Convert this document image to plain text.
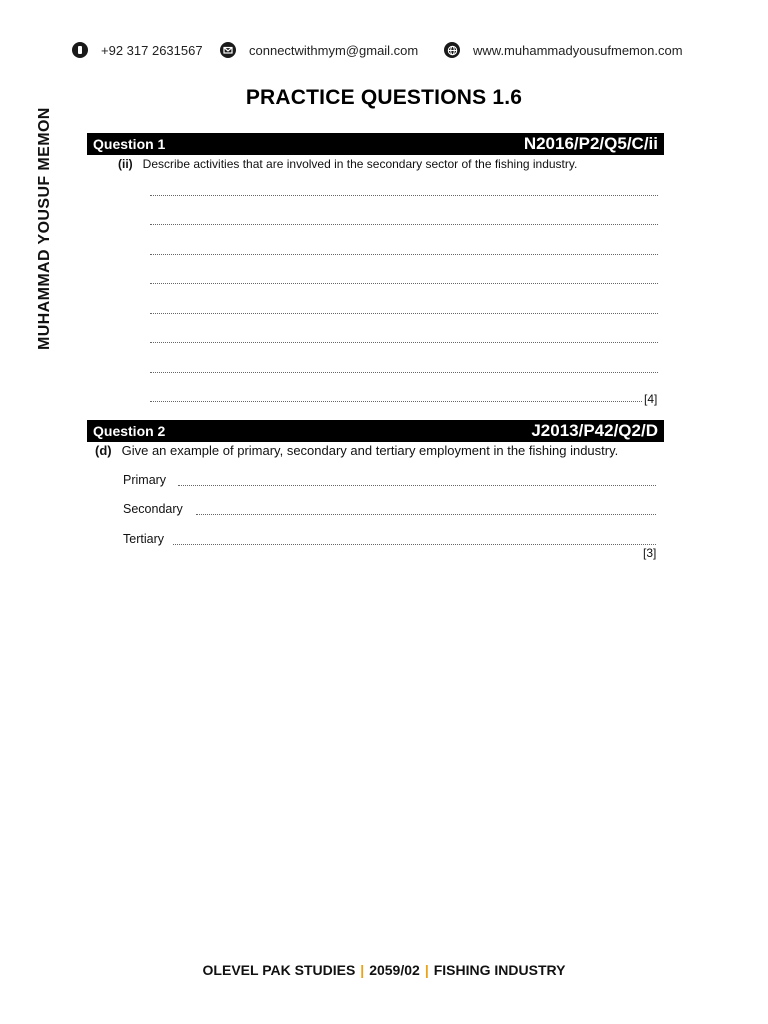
+92 317 2631567	connectwithmym@gmail.com	www.muhammadyousufmemon.com
MUHAMMAD YOUSUF MEMON
PRACTICE QUESTIONS 1.6
Question 1	N2016/P2/Q5/C/ii
(ii) Describe activities that are involved in the secondary sector of the fishing industry.
[4]
Question 2	J2013/P42/Q2/D
(d) Give an example of primary, secondary and tertiary employment in the fishing industry.
Primary
Secondary
Tertiary
[3]
OLEVEL PAK STUDIES | 2059/02 | FISHING INDUSTRY
